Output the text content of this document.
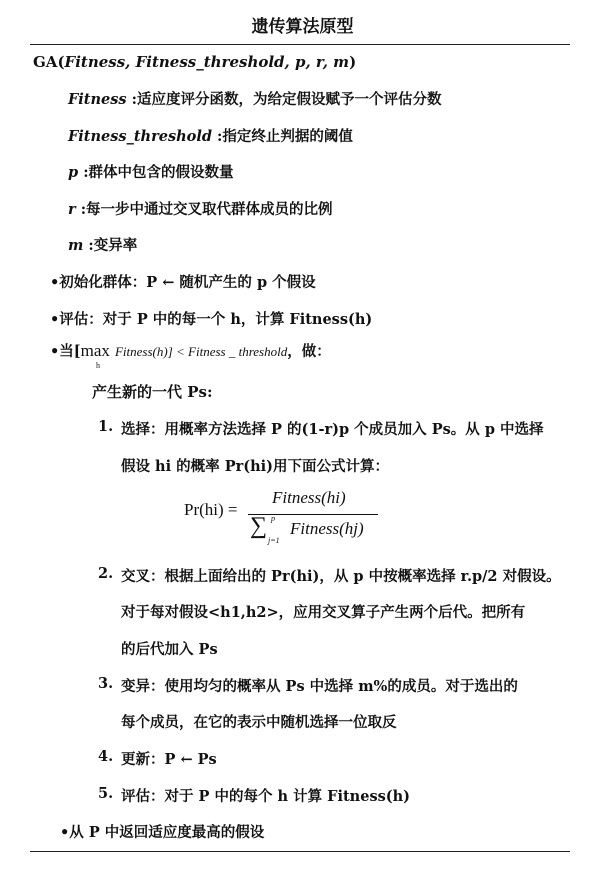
遗传算法原型
GA(Fitness, Fitness_threshold, p, r, m)
Fitness :适应度评分函数，为给定假设赋予一个评估分数
Fitness_threshold :指定终止判据的阈值
p :群体中包含的假设数量
r :每一步中通过交叉取代群体成员的比例
m :变异率
•初始化群体：P ← 随机产生的 p 个假设
•评估：对于 P 中的每一个 h，计算 Fitness(h)
•当[max
h
Fitness(h)] < Fitness _ threshold，做：
产生新的一代 Ps:
1. 选择：用概率方法选择 P 的(1-r)p 个成员加入 Ps。从 p 中选择
假设 hi 的概率 Pr(hi)用下面公式计算：
Pr(hi) =
Fitness(hi)
∑ p
j=1
Fitness(hj)
2. 交叉：根据上面给出的 Pr(hi)，从 p 中按概率选择 r.p/2 对假设。
对于每对假设<h1,h2>，应用交叉算子产生两个后代。把所有
的后代加入 Ps
3. 变异：使用均匀的概率从 Ps 中选择 m%的成员。对于选出的
每个成员，在它的表示中随机选择一位取反
4. 更新：P ← Ps
5. 评估：对于 P 中的每个 h 计算 Fitness(h)
•从 P 中返回适应度最高的假设
